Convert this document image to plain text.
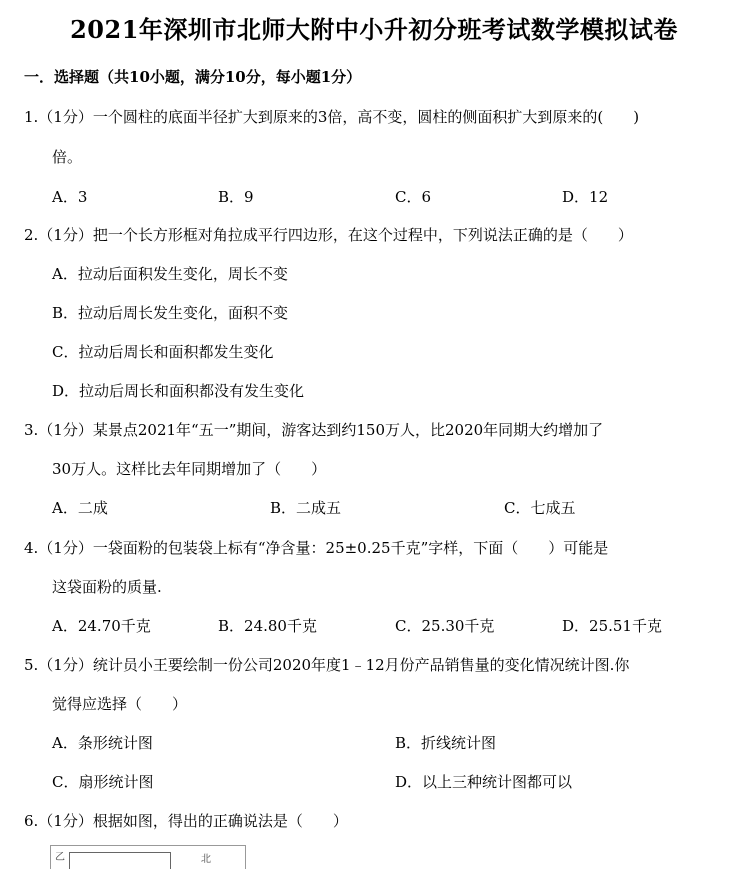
2021年深圳市北师大附中小升初分班考试数学模拟试卷
一．选择题（共10小题，满分10分，每小题1分）
1.（1分）一个圆柱的底面半径扩大到原来的3倍，高不变，圆柱的侧面积扩大到原来的(　　)
倍。
A．3	B．9	C．6	D．12
2.（1分）把一个长方形框对角拉成平行四边形，在这个过程中，下列说法正确的是（　　）
A．拉动后面积发生变化，周长不变
B．拉动后周长发生变化，面积不变
C．拉动后周长和面积都发生变化
D．拉动后周长和面积都没有发生变化
3.（1分）某景点2021年“五一”期间，游客达到约150万人，比2020年同期大约增加了
30万人。这样比去年同期增加了（　　）
A．二成	B．二成五	C．七成五
4.（1分）一袋面粉的包装袋上标有“净含量：25±0.25千克”字样，下面（　　）可能是
这袋面粉的质量.
A．24.70千克	B．24.80千克	C．25.30千克	D．25.51千克
5.（1分）统计员小王要绘制一份公司2020年度1﹣12月份产品销售量的变化情况统计图.你
觉得应选择（　　）
A．条形统计图	B．折线统计图
C．扇形统计图	D．以上三种统计图都可以
6.（1分）根据如图，得出的正确说法是（　　）
乙	北
